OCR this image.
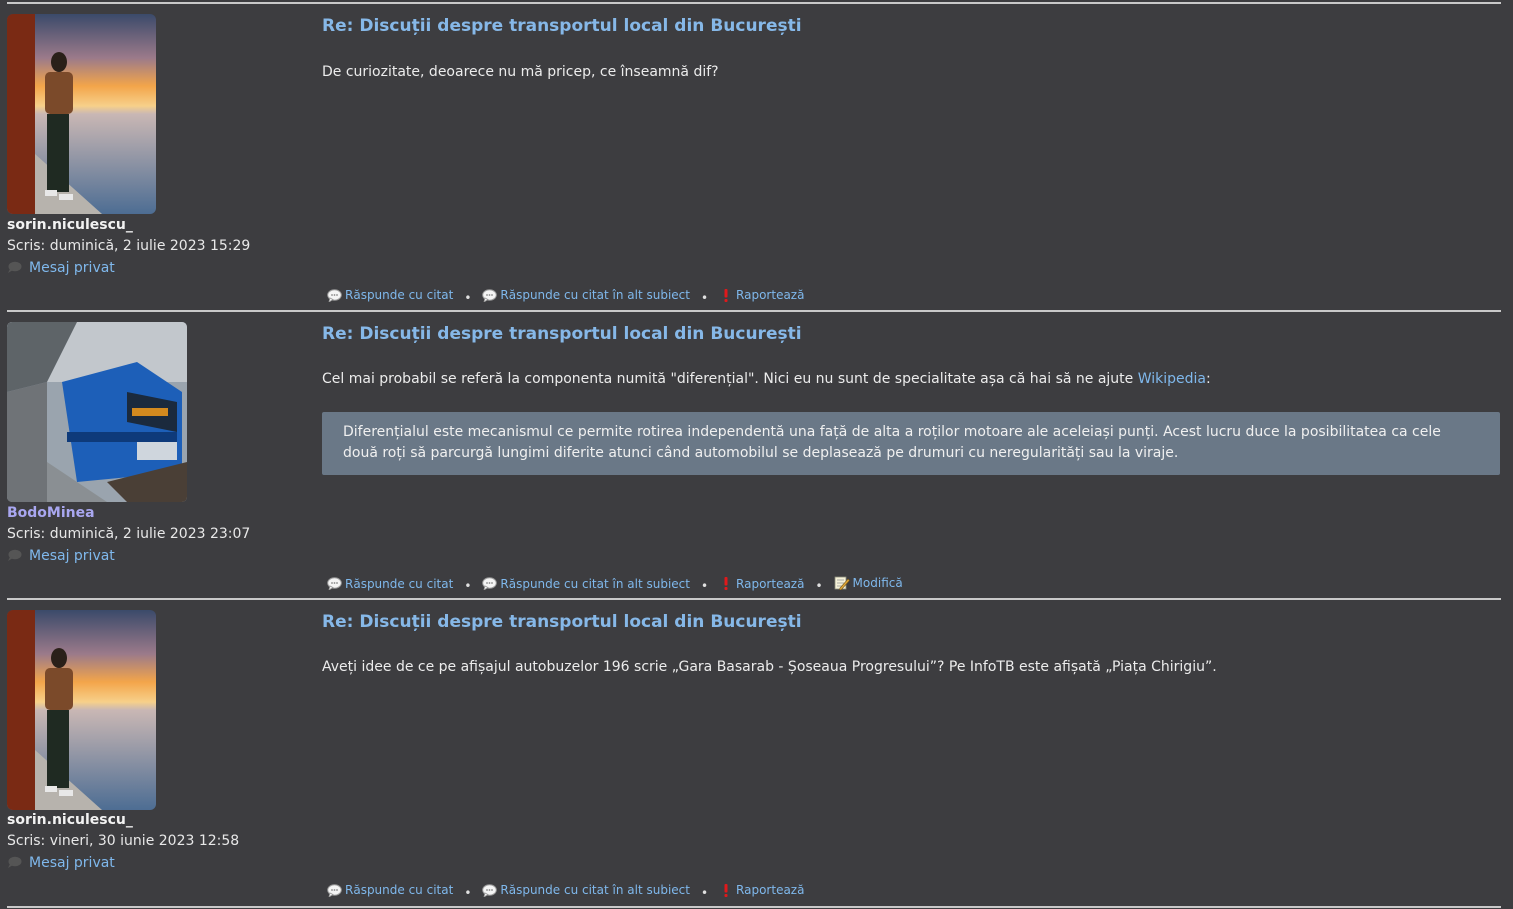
sorin.niculescu_
Scris: duminică, 2 iulie 2023 15:29
Mesaj privat
Re: Discuții despre transportul local din București
De curiozitate, deoarece nu mă pricep, ce înseamnă dif?
Răspunde cu citat • Răspunde cu citat în alt subiect • Raportează
BodoMinea
Scris: duminică, 2 iulie 2023 23:07
Mesaj privat
Re: Discuții despre transportul local din București
Cel mai probabil se referă la componenta numită "diferențial". Nici eu nu sunt de specialitate așa că hai să ne ajute Wikipedia:
Diferențialul este mecanismul ce permite rotirea independentă una față de alta a roților motoare ale aceleiași punți. Acest lucru duce la posibilitatea ca cele două roți să parcurgă lungimi diferite atunci când automobilul se deplasează pe drumuri cu neregularități sau la viraje.
Răspunde cu citat • Răspunde cu citat în alt subiect • Raportează •	Modifică
sorin.niculescu_
Scris: vineri, 30 iunie 2023 12:58
Mesaj privat
Re: Discuții despre transportul local din București
Aveți idee de ce pe afișajul autobuzelor 196 scrie „Gara Basarab - Șoseaua Progresului”? Pe InfoTB este afișată „Piața Chirigiu”.
Răspunde cu citat • Răspunde cu citat în alt subiect • Raportează
